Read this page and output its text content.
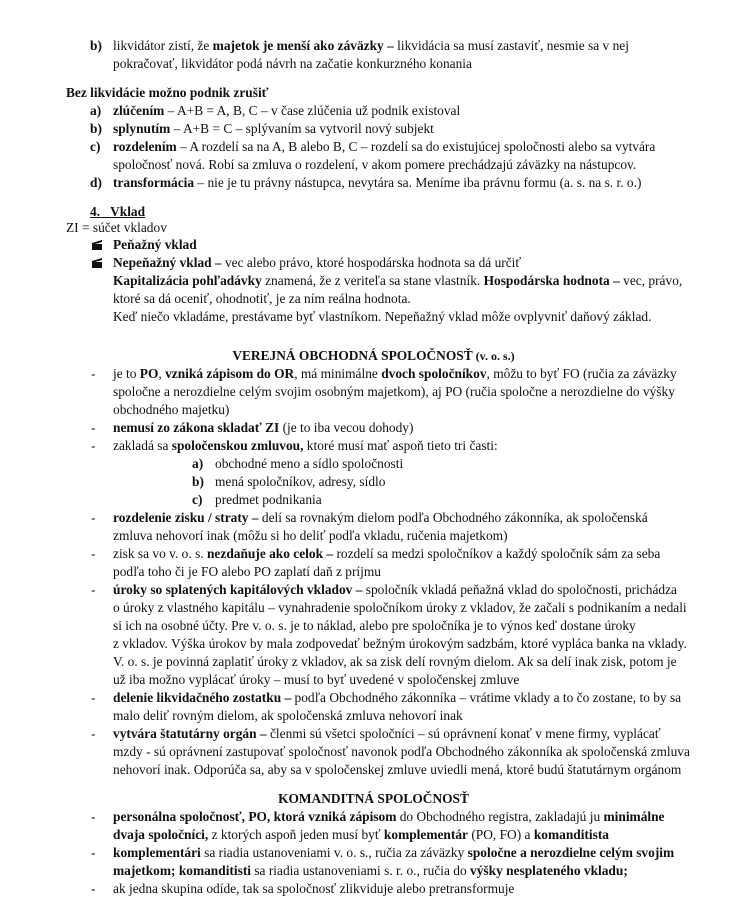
b) likvidátor zistí, že majetok je menší ako záväzky – likvidácia sa musí zastaviť, nesmie sa v nej
pokračovať, likvidátor podá návrh na začatie konkurzného konania
Bez likvidácie možno podnik zrušiť
a) zlúčením – A+B = A, B, C – v čase zlúčenia už podnik existoval
b) splynutím – A+B = C – splývaním sa vytvoril nový subjekt
c) rozdelením – A rozdelí sa na A, B alebo B, C – rozdelí sa do existujúcej spoločnosti alebo sa vytvára
spoločnosť nová. Robí sa zmluva o rozdelení, v akom pomere prechádzajú záväzky na nástupcov.
d) transformácia – nie je tu právny nástupca, nevytára sa. Meníme iba právnu formu (a. s. na s. r. o.)
4. Vklad
ZI = súčet vkladov
Peňažný vklad
Nepeňažný vklad – vec alebo právo, ktoré hospodárska hodnota sa dá určiť
Kapitalizácia pohľadávky znamená, že z veriteľa sa stane vlastník. Hospodárska hodnota – vec, právo,
ktoré sa dá oceniť, ohodnotiť, je za ním reálna hodnota.
Keď niečo vkladáme, prestávame byť vlastníkom. Nepeňažný vklad môže ovplyvniť daňový základ.
VEREJNÁ OBCHODNÁ SPOLOČNOSŤ (v. o. s.)
- je to PO, vzniká zápisom do OR, má minimálne dvoch spoločníkov, môžu to byť FO (ručia za záväzky
spoločne a nerozdielne celým svojim osobným majetkom), aj PO (ručia spoločne a nerozdielne do výšky
obchodného majetku)
- nemusí zo zákona skladať ZI (je to iba vecou dohody)
- zakladá sa spoločenskou zmluvou, ktoré musí mať aspoň tieto tri časti:
a) obchodné meno a sídlo spoločnosti
b) mená spoločníkov, adresy, sídlo
c) predmet podnikania
- rozdelenie zisku / straty – delí sa rovnakým dielom podľa Obchodného zákonníka, ak spoločenská
zmluva nehovorí inak (môžu si ho deliť podľa vkladu, ručenia majetkom)
- zisk sa vo v. o. s. nezdaňuje ako celok – rozdelí sa medzi spoločníkov a každý spoločník sám za seba
podľa toho či je FO alebo PO zaplatí daň z príjmu
- úroky so splatených kapitálových vkladov – spoločník vkladá peňažná vklad do spoločnosti, prichádza
o úroky z vlastného kapitálu – vynahradenie spoločníkom úroky z vkladov, že začali s podnikaním a nedali
si ich na osobné účty. Pre v. o. s. je to náklad, alebo pre spoločníka je to výnos keď dostane úroky
z vkladov. Výška úrokov by mala zodpovedať bežným úrokovým sadzbám, ktoré vypláca banka na vklady.
V. o. s. je povinná zaplatiť úroky z vkladov, ak sa zisk delí rovným dielom. Ak sa delí inak zisk, potom je
už iba možno vyplácať úroky – musí to byť uvedené v spoločenskej zmluve
- delenie likvidačného zostatku – podľa Obchodného zákonníka – vrátime vklady a to čo zostane, to by sa
malo deliť rovným dielom, ak spoločenská zmluva nehovorí inak
- vytvára štatutárny orgán – členmi sú všetci spoločníci – sú oprávnení konať v mene firmy, vyplácať
mzdy - sú oprávnení zastupovať spoločnosť navonok podľa Obchodného zákonníka ak spoločenská zmluva
nehovorí inak. Odporúča sa, aby sa v spoločenskej zmluve uviedli mená, ktoré budú štatutárnym orgánom
KOMANDITNÁ SPOLOČNOSŤ
- personálna spoločnosť, PO, ktorá vzniká zápisom do Obchodného registra, zakladajú ju minimálne
dvaja spoločníci, z ktorých aspoň jeden musí byť komplementár (PO, FO) a komanditista
- komplementári sa riadia ustanoveniami v. o. s., ručia za záväzky spoločne a nerozdielne celým svojim
majetkom; komanditisti sa riadia ustanoveniami s. r. o., ručia do výšky nesplateného vkladu;
- ak jedna skupina odíde, tak sa spoločnosť zlikviduje alebo pretransformuje
